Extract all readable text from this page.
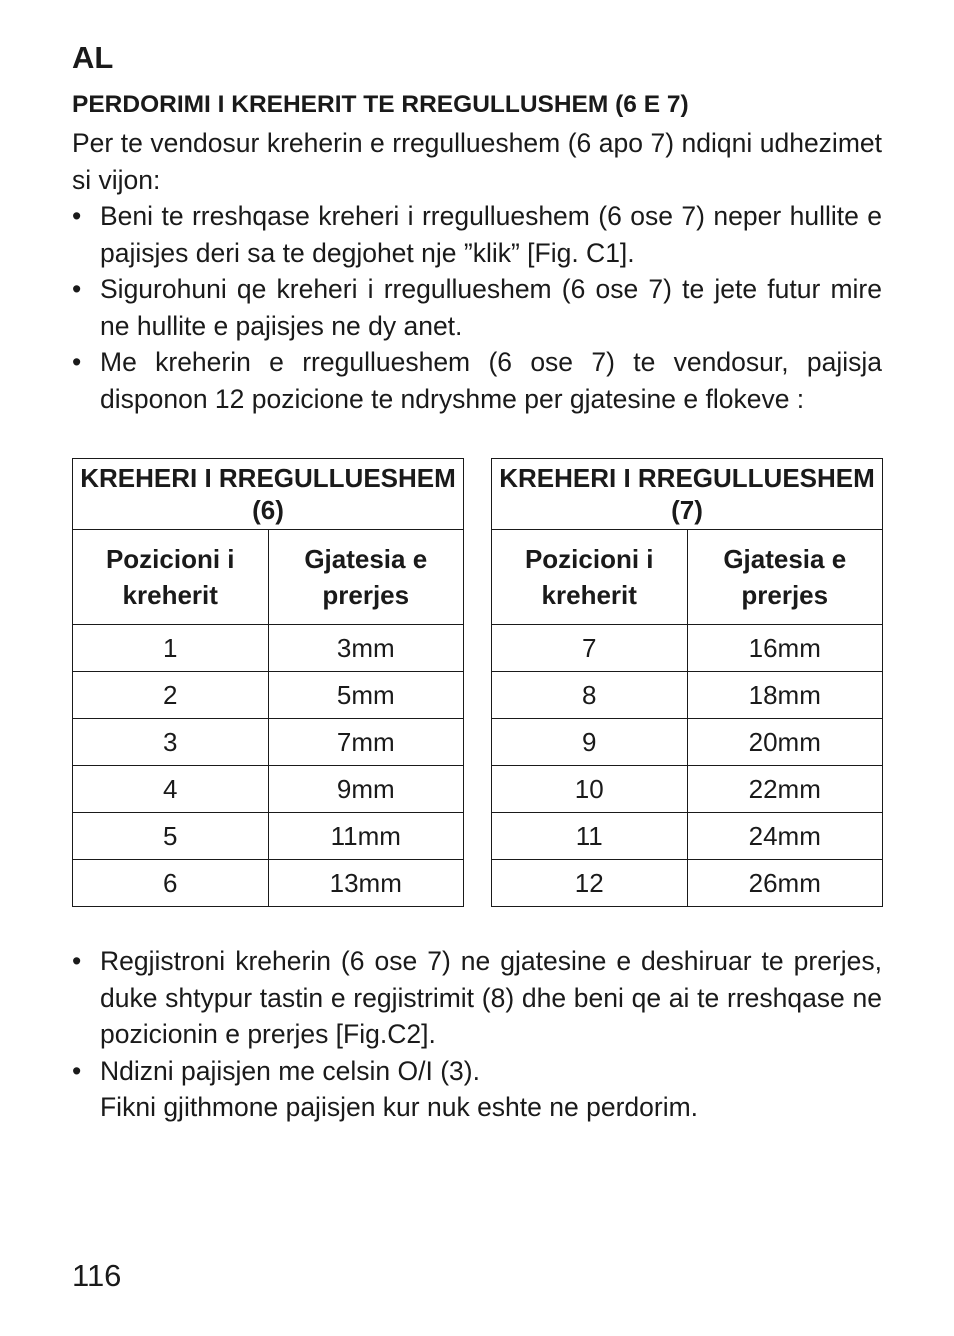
AL
PERDORIMI I KREHERIT TE RREGULLUSHEM (6 E 7)
Per te vendosur kreherin e rregullueshem (6 apo 7) ndiqni udhezimet si vijon:
• Beni te rreshqase kreheri i rregullueshem (6 ose 7) neper hullite e pajisjes deri sa te degjohet nje ”klik” [Fig. C1].
• Sigurohuni qe kreheri i rregullueshem (6 ose 7) te jete futur mire ne hullite e pajisjes ne dy anet.
• Me kreherin e rregullueshem (6 ose 7) te vendosur, pajisja disponon 12 pozicione te ndryshme per gjatesine e flokeve :
KREHERI I RREGULLUESHEM (6)	
Pozicioni i kreherit	Gjatesia e prerjes
1	3mm
2	5mm
3	7mm
4	9mm
5	11mm
6	13mm
KREHERI I RREGULLUESHEM (7)	
Pozicioni i kreherit	Gjatesia e prerjes
7	16mm
8	18mm
9	20mm
10	22mm
11	24mm
12	26mm
• Regjistroni kreherin (6 ose 7) ne gjatesine e deshiruar te prerjes, duke shtypur tastin e regjistrimit (8) dhe beni qe ai te rreshqase ne pozicionin e prerjes [Fig.C2].
• Ndizni pajisjen me celsin O/I (3).
Fikni gjithmone pajisjen kur nuk eshte ne perdorim.
116
